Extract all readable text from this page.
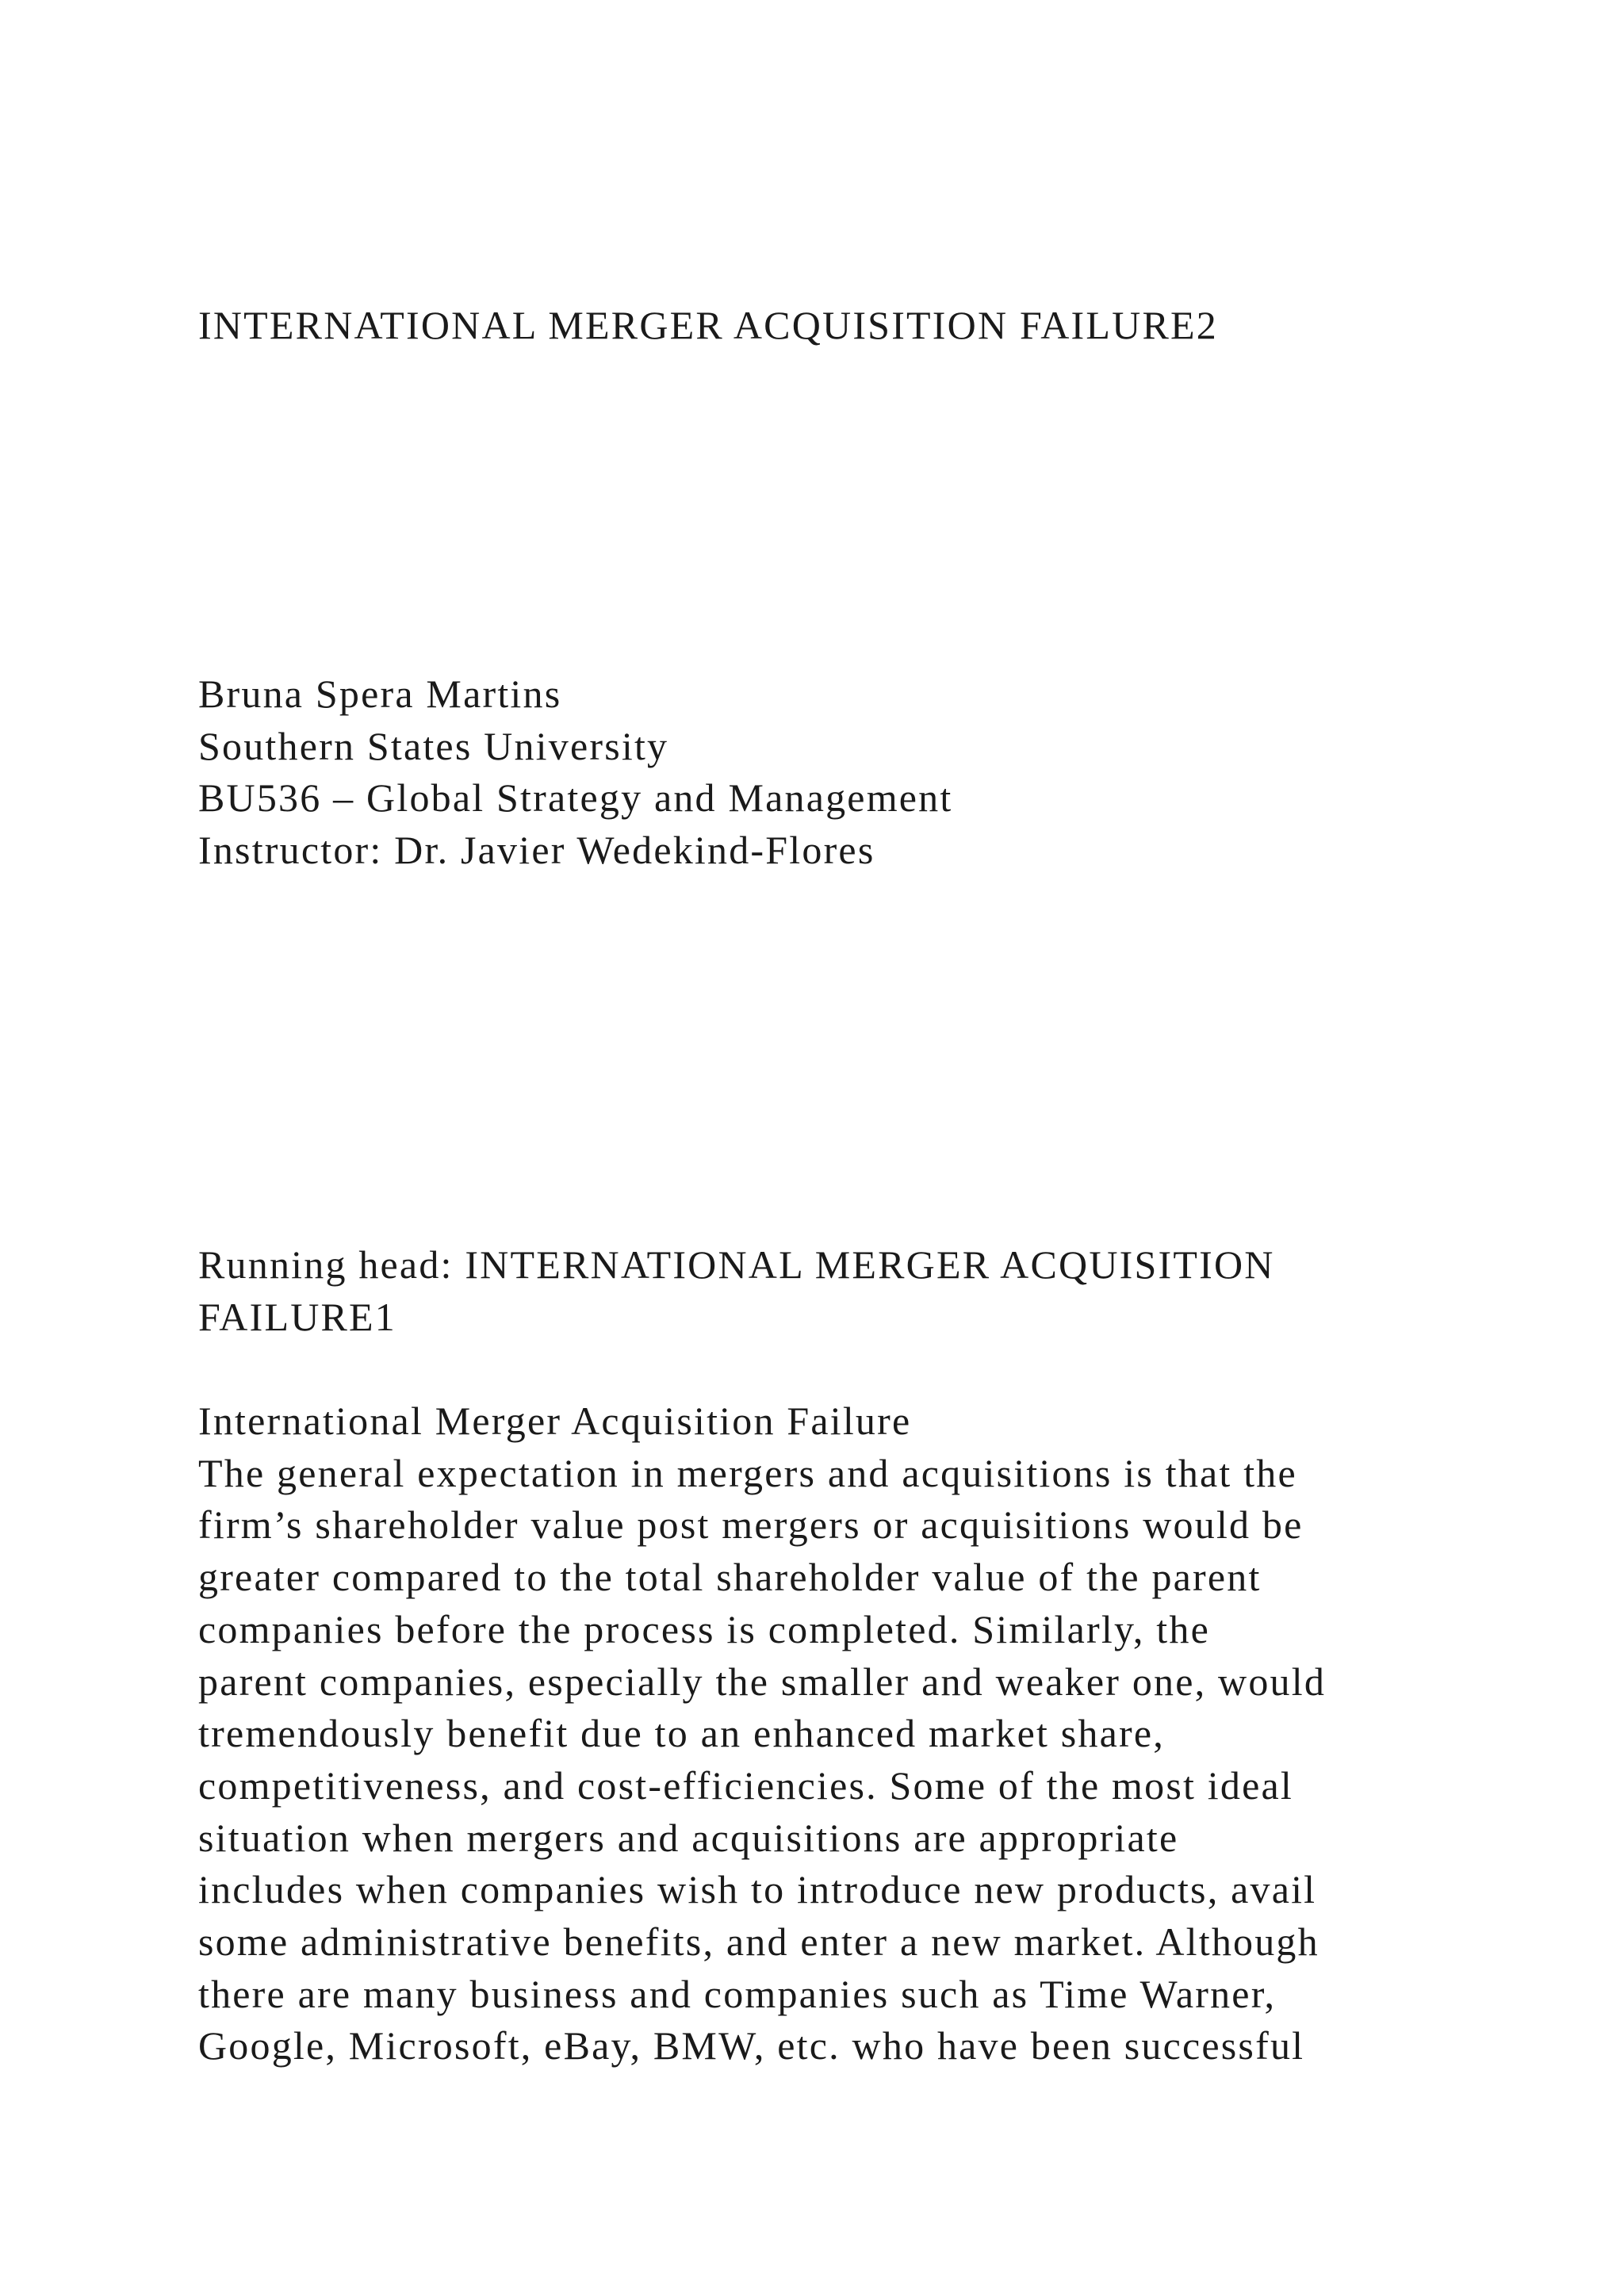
INTERNATIONAL MERGER ACQUISITION FAILURE2
Bruna Spera Martins
Southern States University
BU536 – Global Strategy and Management
Instructor: Dr. Javier Wedekind-Flores
Running head: INTERNATIONAL MERGER ACQUISITION
FAILURE1
International Merger Acquisition Failure
The general expectation in mergers and acquisitions is that the
firm’s shareholder value post mergers or acquisitions would be
greater compared to the total shareholder value of the parent
companies before the process is completed. Similarly, the
parent companies, especially the smaller and weaker one, would
tremendously benefit due to an enhanced market share,
competitiveness, and cost-efficiencies. Some of the most ideal
situation when mergers and acquisitions are appropriate
includes when companies wish to introduce new products, avail
some administrative benefits, and enter a new market. Although
there are many business and companies such as Time Warner,
Google, Microsoft, eBay, BMW, etc. who have been successful
